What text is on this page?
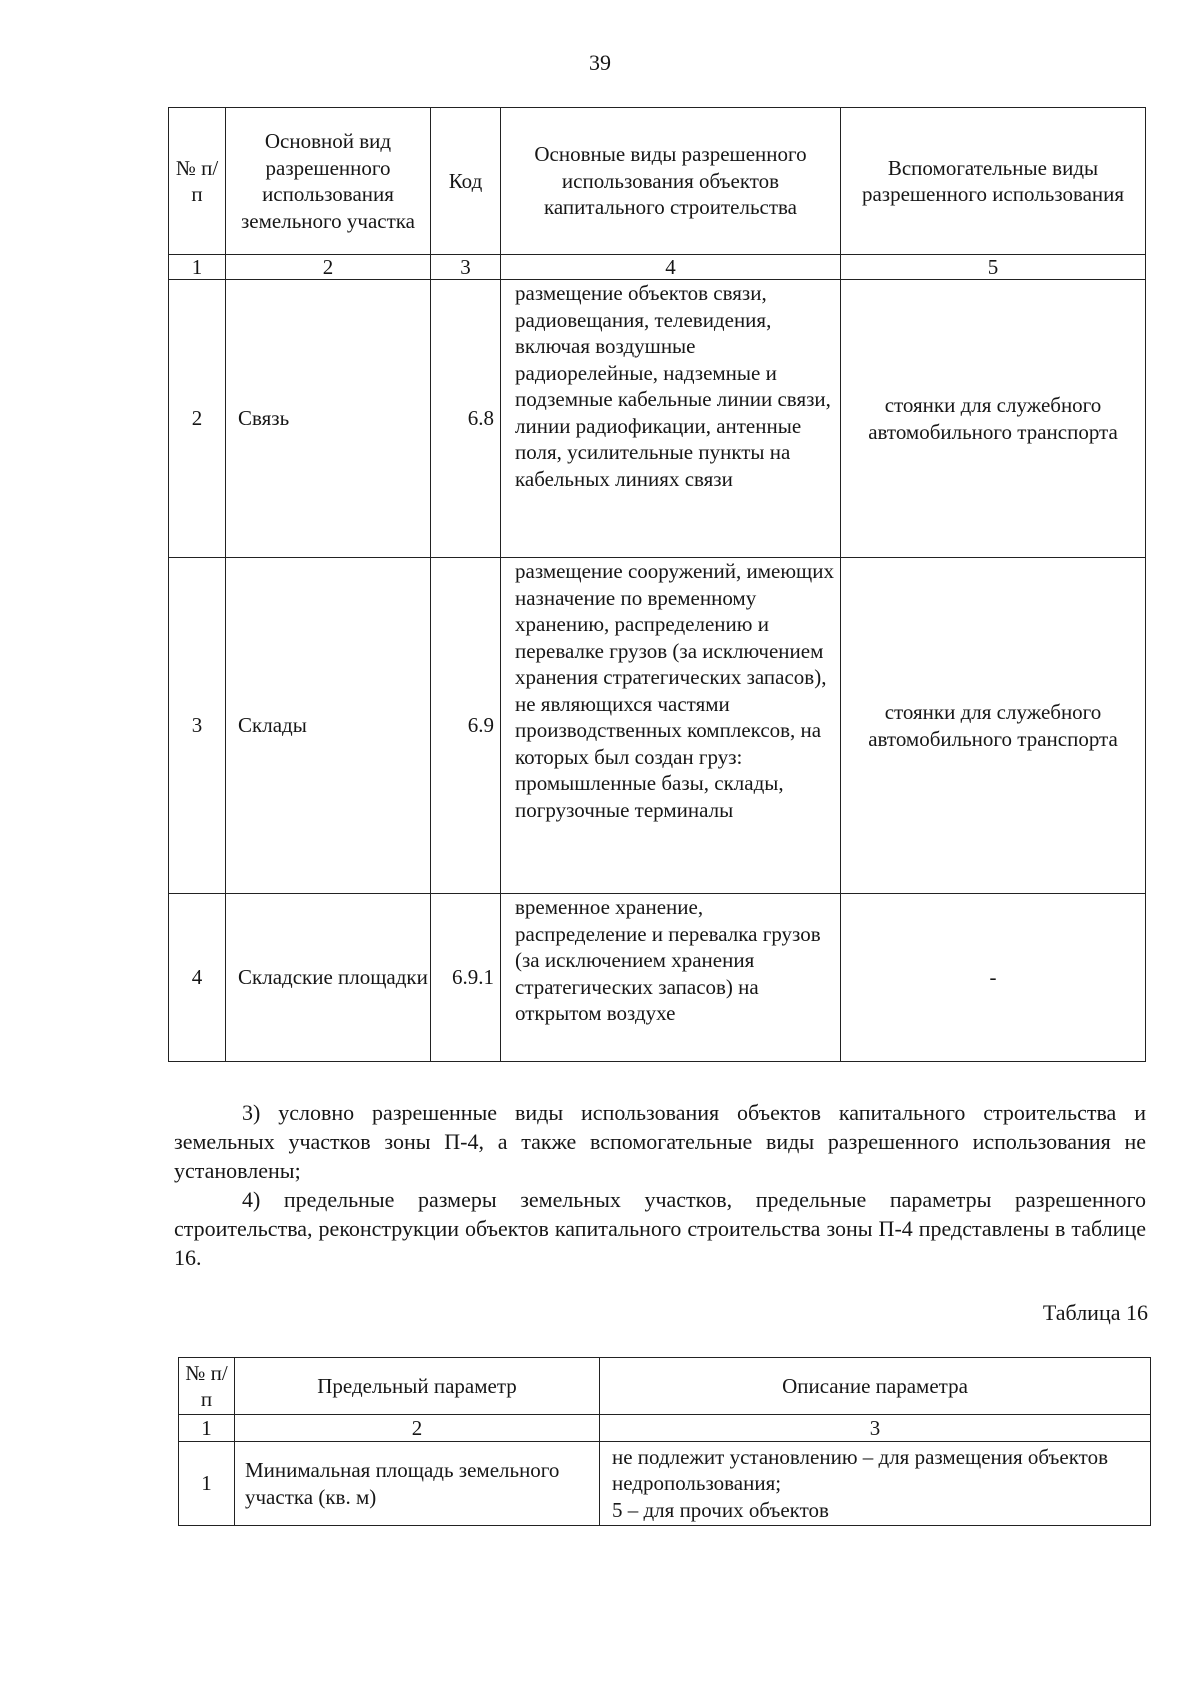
39
№ п/п	Основной вид разрешенного использования земельного участка	Код	Основные виды разрешенного использования объектов капитального строительства	Вспомогательные виды разрешенного использования
1	2	3	4	5
2	Связь	6.8	размещение объектов связи, радиовещания, телевидения, включая воздушные радиорелейные, надземные и подземные кабельные линии связи, линии радиофикации, антенные поля, усилительные пункты на кабельных линиях связи	стоянки для служебного автомобильного транспорта
3	Склады	6.9	размещение сооружений, имеющих назначение по временному хранению, распределению и перевалке грузов (за исключением хранения стратегических запасов), не являющихся частями производственных комплексов, на которых был создан груз: промышленные базы, склады, погрузочные терминалы	стоянки для служебного автомобильного транспорта
4	Складские площадки	6.9.1	временное хранение, распределение и перевалка грузов (за исключением хранения стратегических запасов) на открытом воздухе	-

3) условно разрешенные виды использования объектов капитального строительства и земельных участков зоны П-4, а также вспомогательные виды разрешенного использования не установлены;

4) предельные размеры земельных участков, предельные параметры разрешенного строительства, реконструкции объектов капитального строительства зоны П-4 представлены в таблице 16.

Таблица 16
№ п/п	Предельный параметр	Описание параметра
1	2	3
1	Минимальная площадь земельного участка (кв. м)	не подлежит установлению – для размещения объектов недропользования;
5 – для прочих объектов
